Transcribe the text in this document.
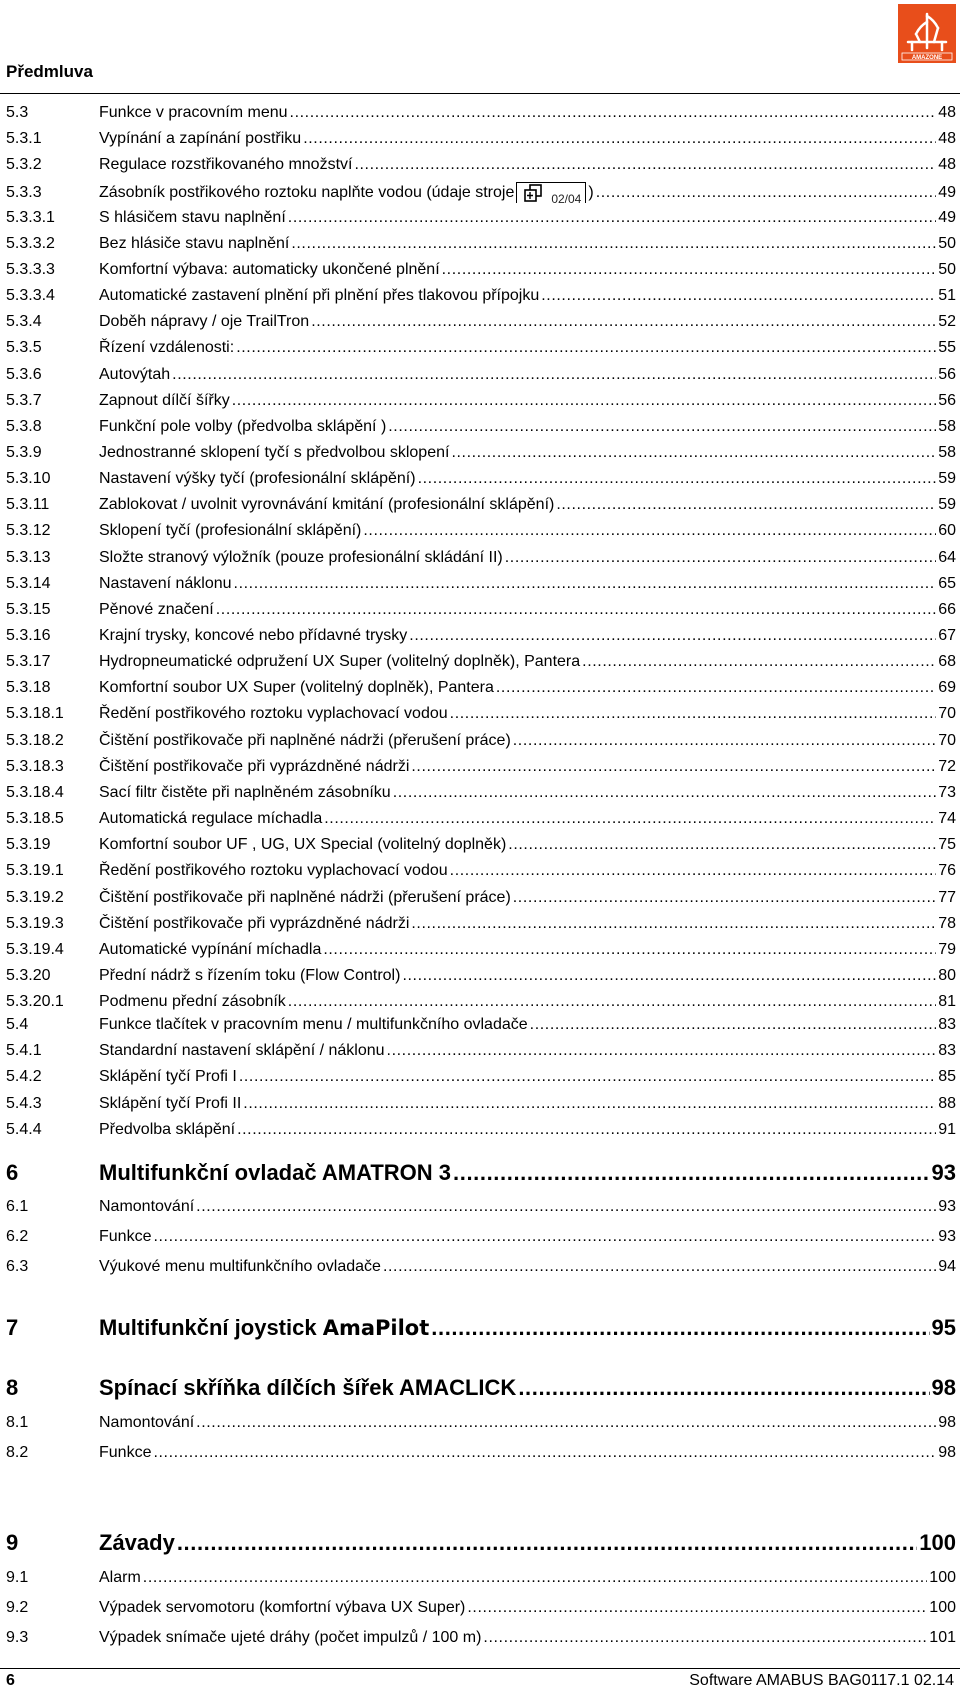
Předmluva
AMAZONE
5.3	Funkce v pracovním menu .....	48
5.3.1	Vypínání a zapínání postřiku .....	48
5.3.2	Regulace rozstřikovaného množství .....	48
5.3.3	Zásobník postřikového roztoku naplňte vodou (údaje stroje	02/04 ) .....	49
5.3.3.1	S hlásičem stavu naplnění .....	49
5.3.3.2	Bez hlásiče stavu naplnění .....	50
5.3.3.3	Komfortní výbava: automaticky ukončené plnění .....	50
5.3.3.4	Automatické zastavení plnění při plnění přes tlakovou přípojku .....	51
5.3.4	Doběh nápravy / oje TrailTron .....	52
5.3.5	Řízení vzdálenosti: .....	55
5.3.6	Autovýtah .....	56
5.3.7	Zapnout dílčí šířky .....	56
5.3.8	Funkční pole volby (předvolba sklápění ) .....	58
5.3.9	Jednostranné sklopení tyčí s předvolbou sklopení .....	58
5.3.10	Nastavení výšky tyčí (profesionální sklápění) .....	59
5.3.11	Zablokovat / uvolnit vyrovnávání kmitání (profesionální sklápění) .....	59
5.3.12	Sklopení tyčí (profesionální sklápění) .....	60
5.3.13	Složte stranový výložník (pouze profesionální skládání II) .....	64
5.3.14	Nastavení náklonu .....	65
5.3.15	Pěnové značení .....	66
5.3.16	Krajní trysky, koncové nebo přídavné trysky .....	67
5.3.17	Hydropneumatické odpružení UX Super (volitelný doplněk), Pantera .....	68
5.3.18	Komfortní soubor UX Super (volitelný doplněk), Pantera .....	69
5.3.18.1	Ředění postřikového roztoku vyplachovací vodou .....	70
5.3.18.2	Čištění postřikovače při naplněné nádrži (přerušení práce) .....	70
5.3.18.3	Čištění postřikovače při vyprázdněné nádrži .....	72
5.3.18.4	Sací filtr čistěte při naplněném zásobníku .....	73
5.3.18.5	Automatická regulace míchadla .....	74
5.3.19	Komfortní soubor UF , UG, UX Special (volitelný doplněk) .....	75
5.3.19.1	Ředění postřikového roztoku vyplachovací vodou .....	76
5.3.19.2	Čištění postřikovače při naplněné nádrži (přerušení práce) .....	77
5.3.19.3	Čištění postřikovače při vyprázdněné nádrži .....	78
5.3.19.4	Automatické vypínání míchadla .....	79
5.3.20	Přední nádrž s řízením toku (Flow Control) .....	80
5.3.20.1	Podmenu přední zásobník .....	81
5.4	Funkce tlačítek v pracovním menu / multifunkčního ovladače .....	83
5.4.1	Standardní nastavení sklápění / náklonu .....	83
5.4.2	Sklápění tyčí Profi I .....	85
5.4.3	Sklápění tyčí Profi II .....	88
5.4.4	Předvolba sklápění .....	91
6	Multifunkční ovladač AMATRON 3 .....	93
6.1	Namontování .....	93
6.2	Funkce .....	93
6.3	Výukové menu multifunkčního ovladače .....	94
7	Multifunkční joystick AmaPilot .....	95
8	Spínací skříňka dílčích šířek AMACLICK .....	98
8.1	Namontování .....	98
8.2	Funkce .....	98
9	Závady .....	100
9.1	Alarm .....	100
9.2	Výpadek servomotoru (komfortní výbava UX Super) .....	100
9.3	Výpadek snímače ujeté dráhy (počet impulzů / 100 m) .....	101
6	Software AMABUS BAG0117.1 02.14
